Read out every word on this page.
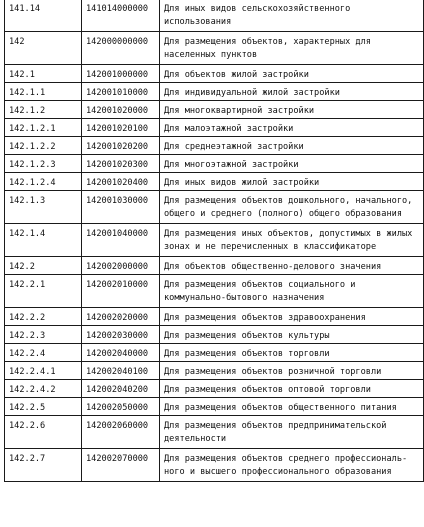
141.14	141014000000	Для иных видов сельскохозяйственного использования
142	142000000000	Для размещения объектов, характерных для населенных пунктов
142.1	142001000000	Для объектов жилой застройки
142.1.1	142001010000	Для индивидуальной жилой застройки
142.1.2	142001020000	Для многоквартирной застройки
142.1.2.1	142001020100	Для малоэтажной застройки
142.1.2.2	142001020200	Для среднеэтажной застройки
142.1.2.3	142001020300	Для многоэтажной застройки
142.1.2.4	142001020400	Для иных видов жилой застройки
142.1.3	142001030000	Для размещения объектов дошкольного, начального, общего и среднего (полного) общего образования
142.1.4	142001040000	Для размещения иных объектов, допустимых в жилых зонах и не перечисленных в классификаторе
142.2	142002000000	Для объектов общественно-делового значения
142.2.1	142002010000	Для размещения объектов социального и коммунально-бытового назначения
142.2.2	142002020000	Для размещения объектов здравоохранения
142.2.3	142002030000	Для размещения объектов культуры
142.2.4	142002040000	Для размещения объектов торговли
142.2.4.1	142002040100	Для размещения объектов розничной торговли
142.2.4.2	142002040200	Для размещения объектов оптовой торговли
142.2.5	142002050000	Для размещения объектов общественного питания
142.2.6	142002060000	Для размещения объектов предпринимательской деятельности
142.2.7	142002070000	Для размещения объектов среднего профессиональ-ного и высшего профессионального образования
